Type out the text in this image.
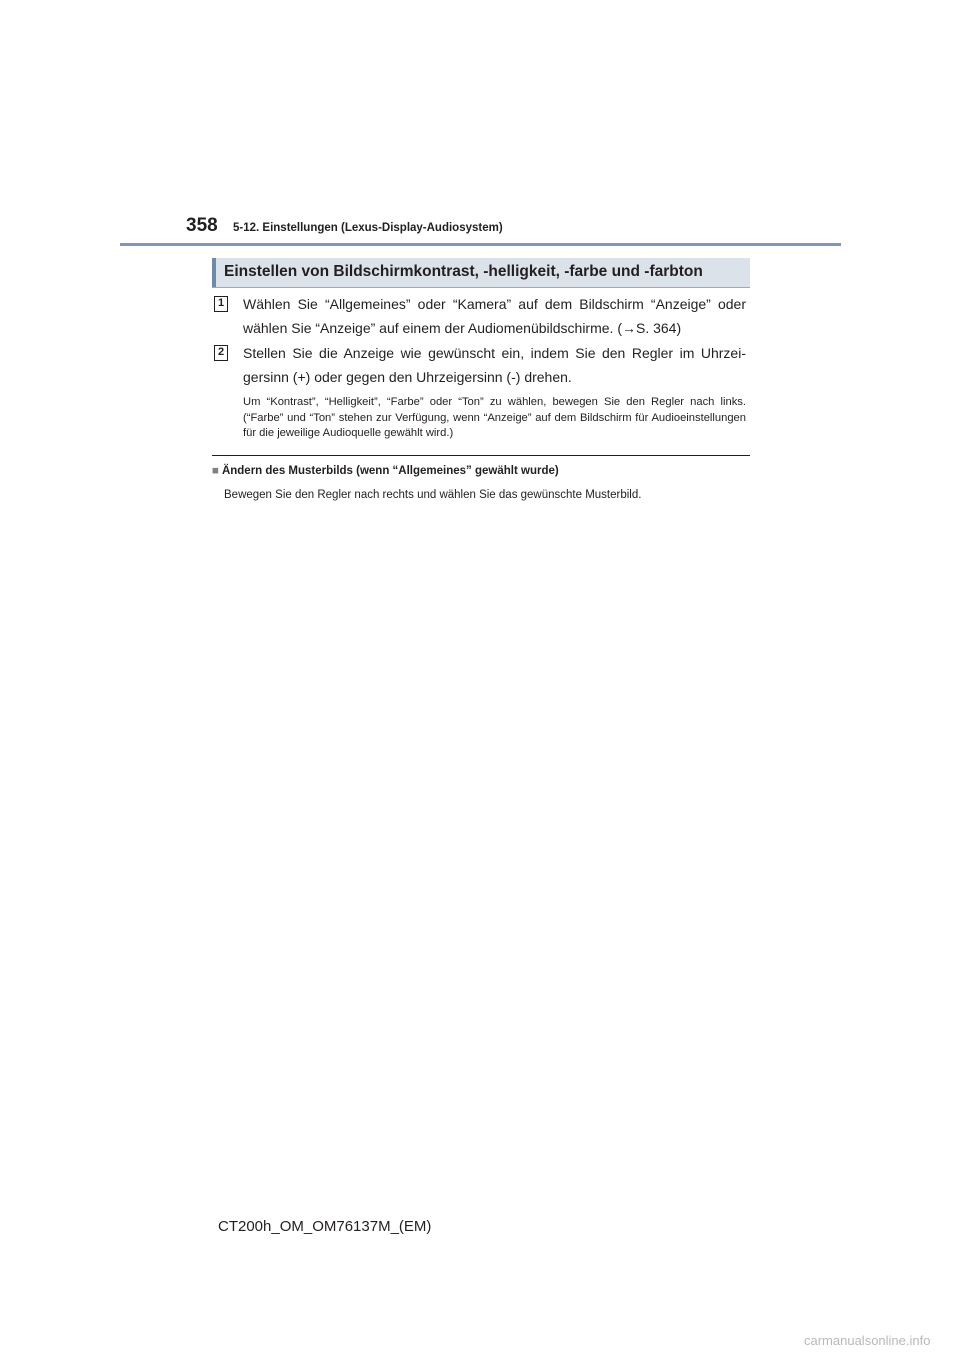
358 5-12. Einstellungen (Lexus-Display-Audiosystem)
Einstellen von Bildschirmkontrast, -helligkeit, -farbe und -farbton
1 Wählen Sie “Allgemeines” oder “Kamera” auf dem Bildschirm “Anzeige” oder wählen Sie “Anzeige” auf einem der Audiomenübildschirme. (→S. 364)
2 Stellen Sie die Anzeige wie gewünscht ein, indem Sie den Regler im Uhrzei-gersinn (+) oder gegen den Uhrzeigersinn (-) drehen.
Um “Kontrast”, “Helligkeit”, “Farbe” oder “Ton” zu wählen, bewegen Sie den Regler nach links. (“Farbe” und “Ton” stehen zur Verfügung, wenn “Anzeige” auf dem Bildschirm für Audioeinstellungen für die jeweilige Audioquelle gewählt wird.)
■ Ändern des Musterbilds (wenn “Allgemeines” gewählt wurde)
Bewegen Sie den Regler nach rechts und wählen Sie das gewünschte Musterbild.
CT200h_OM_OM76137M_(EM)
carmanualsonline.info
